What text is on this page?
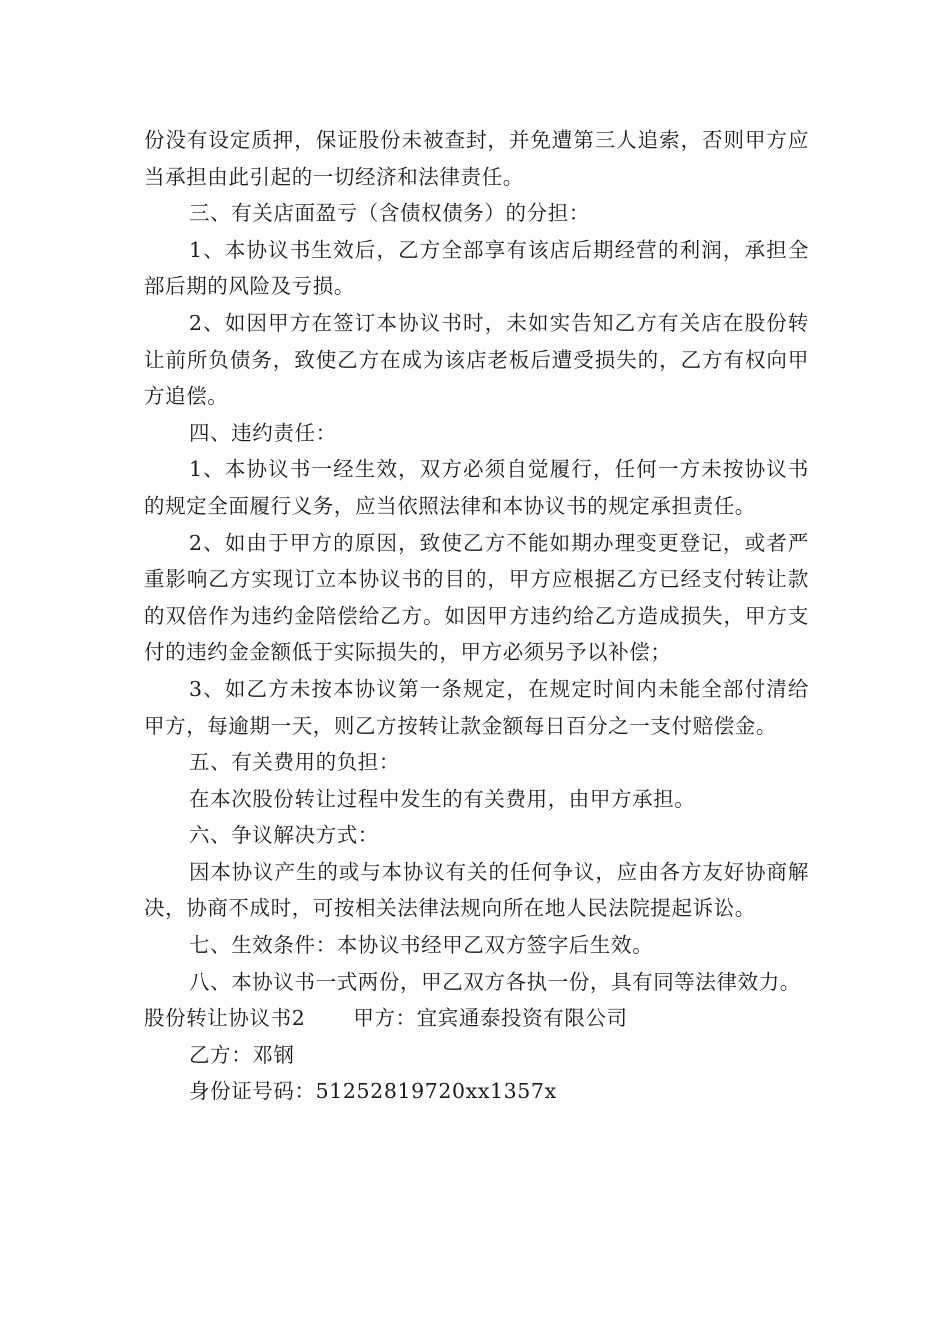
份没有设定质押，保证股份未被查封，并免遭第三人追索，否则甲方应当承担由此引起的一切经济和法律责任。

三、有关店面盈亏（含债权债务）的分担：

1、本协议书生效后，乙方全部享有该店后期经营的利润，承担全部后期的风险及亏损。

2、如因甲方在签订本协议书时，未如实告知乙方有关店在股份转让前所负债务，致使乙方在成为该店老板后遭受损失的，乙方有权向甲方追偿。

四、违约责任：

1、本协议书一经生效，双方必须自觉履行，任何一方未按协议书的规定全面履行义务，应当依照法律和本协议书的规定承担责任。

2、如由于甲方的原因，致使乙方不能如期办理变更登记，或者严重影响乙方实现订立本协议书的目的，甲方应根据乙方已经支付转让款的双倍作为违约金陪偿给乙方。如因甲方违约给乙方造成损失，甲方支付的违约金金额低于实际损失的，甲方必须另予以补偿；

3、如乙方未按本协议第一条规定，在规定时间内未能全部付清给甲方，每逾期一天，则乙方按转让款金额每日百分之一支付赔偿金。

五、有关费用的负担：

在本次股份转让过程中发生的有关费用，由甲方承担。

六、争议解决方式：

因本协议产生的或与本协议有关的任何争议，应由各方友好协商解决，协商不成时，可按相关法律法规向所在地人民法院提起诉讼。

七、生效条件：本协议书经甲乙双方签字后生效。

八、本协议书一式两份，甲乙双方各执一份，具有同等法律效力。

股份转让协议书2 甲方：宜宾通泰投资有限公司

乙方：邓钢

身份证号码：51252819720xx1357x
